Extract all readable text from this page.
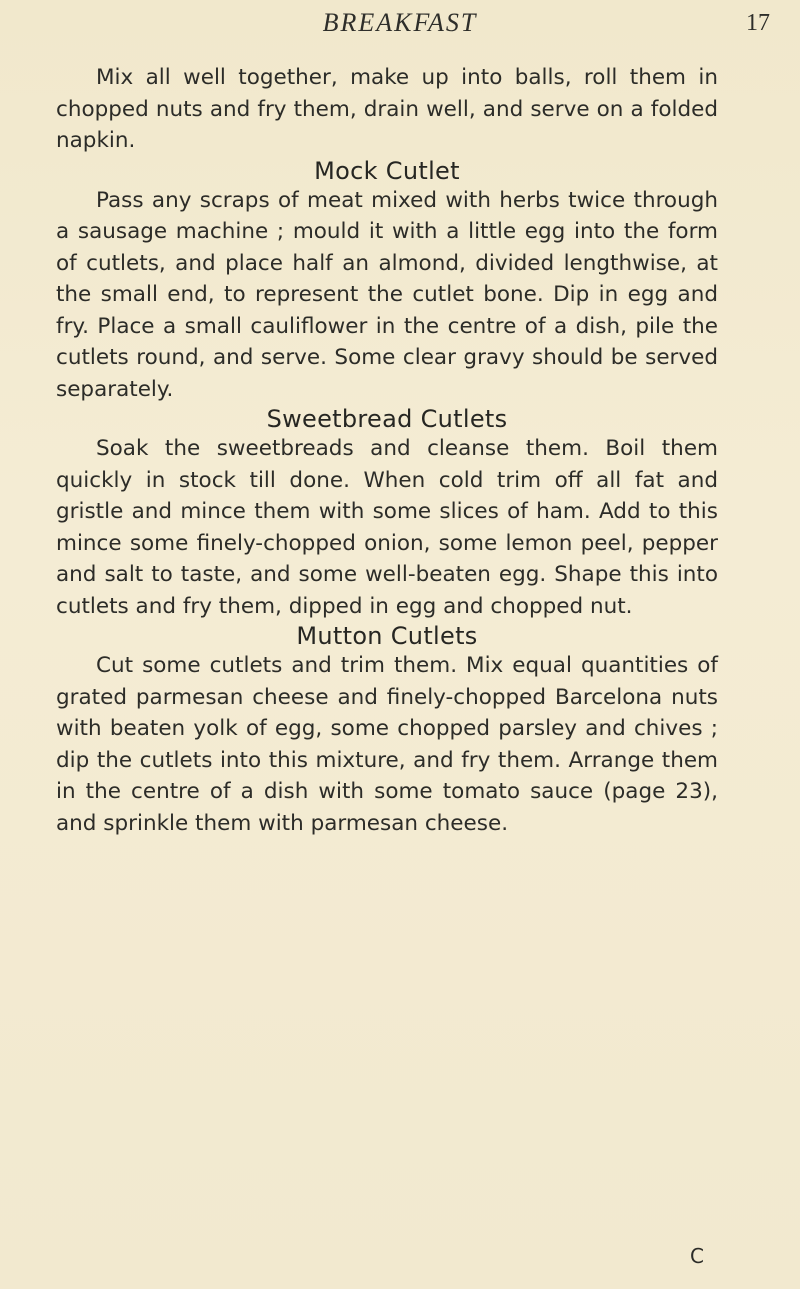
BREAKFAST	17

Mix all well together, make up into balls, roll them in chopped nuts and fry them, drain well, and serve on a folded napkin.

Mock Cutlet

Pass any scraps of meat mixed with herbs twice through a sausage machine ; mould it with a little egg into the form of cutlets, and place half an almond, divided lengthwise, at the small end, to represent the cutlet bone. Dip in egg and fry. Place a small cauliflower in the centre of a dish, pile the cutlets round, and serve. Some clear gravy should be served separately.

Sweetbread Cutlets

Soak the sweetbreads and cleanse them. Boil them quickly in stock till done. When cold trim off all fat and gristle and mince them with some slices of ham. Add to this mince some finely-chopped onion, some lemon peel, pepper and salt to taste, and some well-beaten egg. Shape this into cutlets and fry them, dipped in egg and chopped nut.

Mutton Cutlets

Cut some cutlets and trim them. Mix equal quantities of grated parmesan cheese and finely-chopped Barcelona nuts with beaten yolk of egg, some chopped parsley and chives ; dip the cutlets into this mixture, and fry them. Arrange them in the centre of a dish with some tomato sauce (page 23), and sprinkle them with parmesan cheese.

C
